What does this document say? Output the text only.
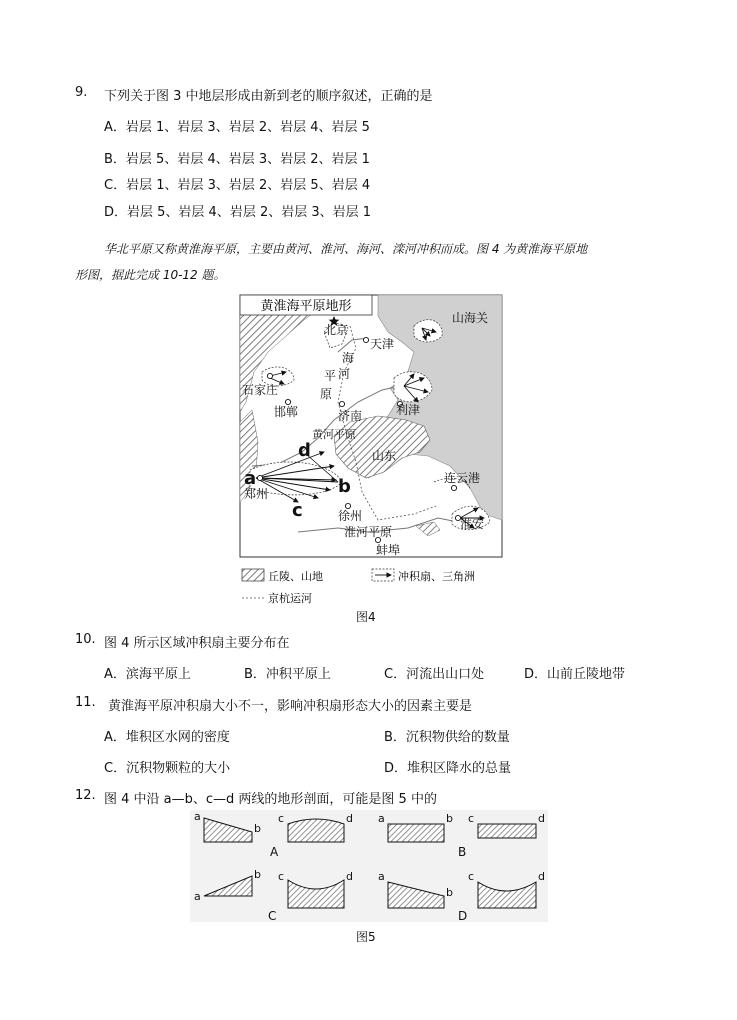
9. 下列关于图 3 中地层形成由新到老的顺序叙述，正确的是
A．岩层 1、岩层 3、岩层 2、岩层 4、岩层 5
B．岩层 5、岩层 4、岩层 3、岩层 2、岩层 1
C．岩层 1、岩层 3、岩层 2、岩层 5、岩层 4
D．岩层 5、岩层 4、岩层 2、岩层 3、岩层 1
华北平原又称黄淮海平原，主要由黄河、淮河、海河、滦河冲积而成。图 4 为黄淮海平原地
形图，据此完成 10-12 题。
黄淮海平原地形
北京
天津
山海关
海
河
平
原
石家庄
邯郸	济南	利津
黄河平原
山东
连云港
郑州
徐州
淮河平原
淮安
蚌埠
a	b
c
d
丘陵、山地	冲积扇、三角洲
京杭运河
图4
10. 图 4 所示区域冲积扇主要分布在
A．滨海平原上	B．冲积平原上	C．河流出山口处	D．山前丘陵地带
11. 黄淮海平原冲积扇大小不一，影响冲积扇形态大小的因素主要是
A．堆积区水网的密度	B．沉积物供给的数量
C．沉积物颗粒的大小	D．堆积区降水的总量
12. 图 4 中沿 a—b、c—d 两线的地形剖面，可能是图 5 中的
a
b
c	d a	b c	d
a
b c	d a
b
c	d
A	B
C	D
图5
